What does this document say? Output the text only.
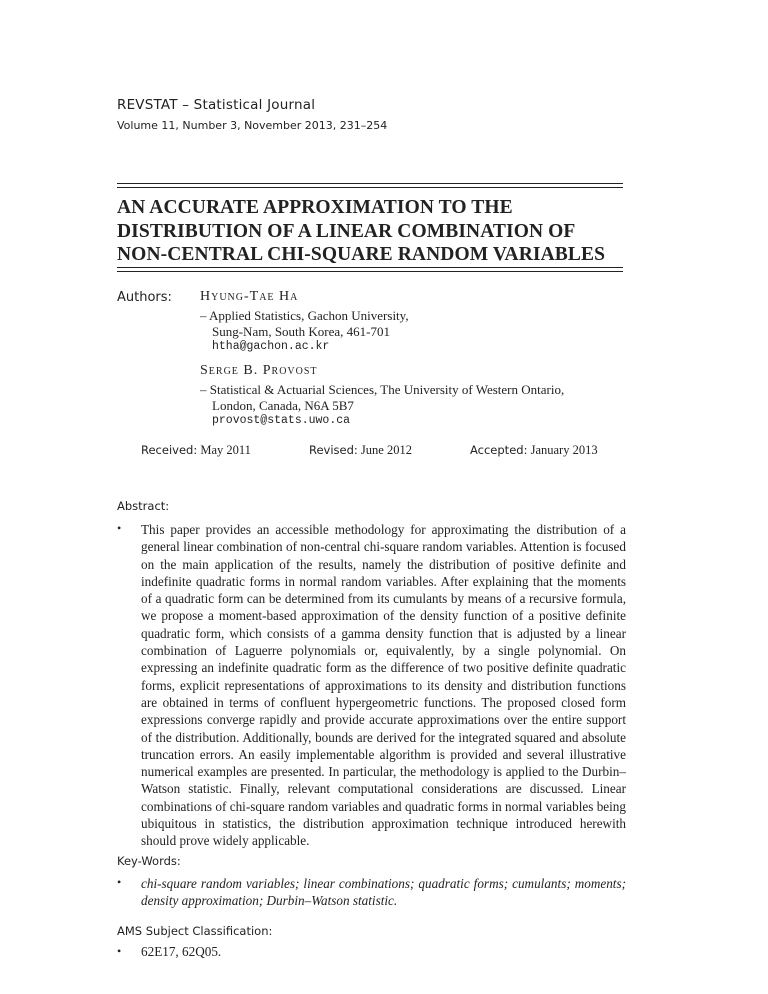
REVSTAT – Statistical Journal
Volume 11, Number 3, November 2013, 231–254
AN ACCURATE APPROXIMATION TO THE
DISTRIBUTION OF A LINEAR COMBINATION OF
NON-CENTRAL CHI-SQUARE RANDOM VARIABLES
Authors: Hyung-Tae Ha
– Applied Statistics, Gachon University,
Sung-Nam, South Korea, 461-701
htha@gachon.ac.kr
Serge B. Provost
– Statistical & Actuarial Sciences, The University of Western Ontario,
London, Canada, N6A 5B7
provost@stats.uwo.ca
Received: May 2011	Revised: June 2012	Accepted: January 2013
Abstract:
• This paper provides an accessible methodology for approximating the distribution of a general linear combination of non-central chi-square random variables. Attention is focused on the main application of the results, namely the distribution of positive definite and indefinite quadratic forms in normal random variables. After explaining that the moments of a quadratic form can be determined from its cumulants by means of a recursive formula, we propose a moment-based approximation of the density function of a positive definite quadratic form, which consists of a gamma density function that is adjusted by a linear combination of Laguerre polynomials or, equivalently, by a single polynomial. On expressing an indefinite quadratic form as the difference of two positive definite quadratic forms, explicit representations of approximations to its density and distribution functions are obtained in terms of confluent hypergeometric functions. The proposed closed form expressions converge rapidly and provide accurate approximations over the entire support of the distribution. Additionally, bounds are derived for the integrated squared and absolute truncation errors. An easily implementable algorithm is provided and several illustrative numerical examples are presented. In particular, the methodology is applied to the Durbin–Watson statistic. Finally, relevant computational considerations are discussed. Linear combinations of chi-square random variables and quadratic forms in normal variables being ubiquitous in statistics, the distribution approximation technique introduced herewith should prove widely applicable.
Key-Words:
• chi-square random variables; linear combinations; quadratic forms; cumulants; moments; density approximation; Durbin–Watson statistic.
AMS Subject Classification:
• 62E17, 62Q05.
